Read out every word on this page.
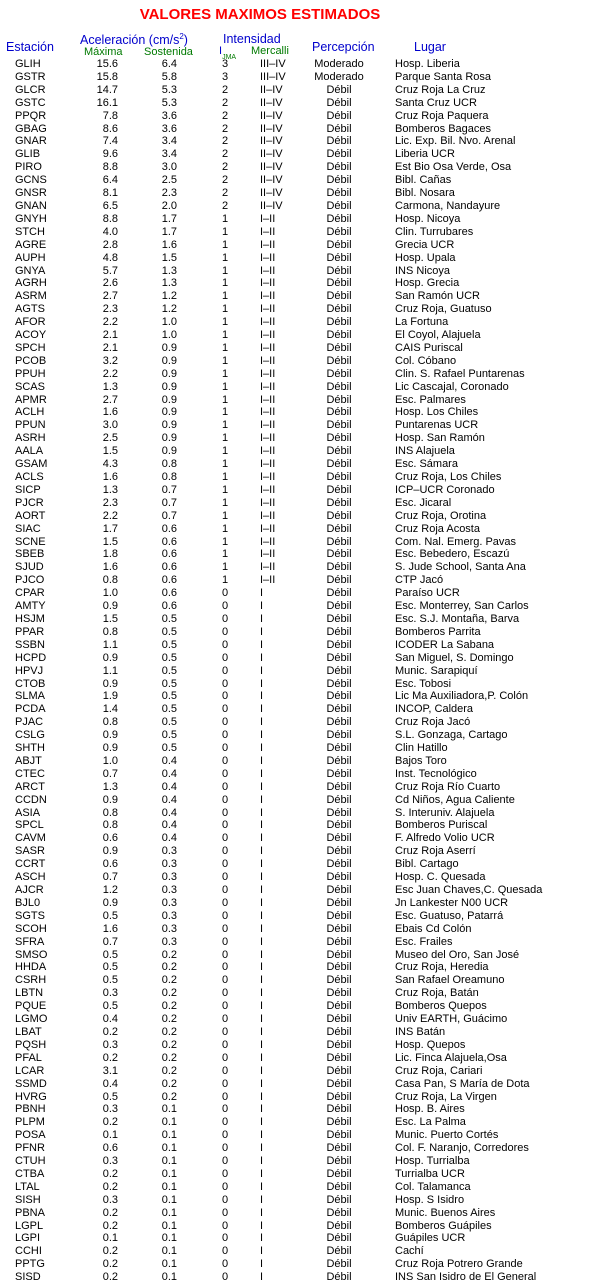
VALORES MAXIMOS ESTIMADOS
Estación Aceleración $(cm/s^2)$
Máxima Sostenida
Intensidad
$I_{JMA}$
Mercalli Percepción	Lugar
GLIH	15.6	6.4	3	III–IV	Moderado	Hosp. Liberia
GSTR	15.8	5.8	3	III–IV	Moderado	Parque Santa Rosa
GLCR	14.7	5.3	2	II–IV	Débil	Cruz Roja La Cruz
GSTC	16.1	5.3	2	II–IV	Débil	Santa Cruz UCR
PPQR	7.8	3.6	2	II–IV	Débil	Cruz Roja Paquera
GBAG	8.6	3.6	2	II–IV	Débil	Bomberos Bagaces
GNAR	7.4	3.4	2	II–IV	Débil	Lic. Exp. Bil. Nvo. Arenal
GLIB	9.6	3.4	2	II–IV	Débil	Liberia UCR
PIRO	8.8	3.0	2	II–IV	Débil	Est Bio Osa Verde, Osa
GCNS	6.4	2.5	2	II–IV	Débil	Bibl. Cañas
GNSR	8.1	2.3	2	II–IV	Débil	Bibl. Nosara
GNAN	6.5	2.0	2	II–IV	Débil	Carmona, Nandayure
GNYH	8.8	1.7	1	I–II	Débil	Hosp. Nicoya
STCH	4.0	1.7	1	I–II	Débil	Clin. Turrubares
AGRE	2.8	1.6	1	I–II	Débil	Grecia UCR
AUPH	4.8	1.5	1	I–II	Débil	Hosp. Upala
GNYA	5.7	1.3	1	I–II	Débil	INS Nicoya
AGRH	2.6	1.3	1	I–II	Débil	Hosp. Grecia
ASRM	2.7	1.2	1	I–II	Débil	San Ramón UCR
AGTS	2.3	1.2	1	I–II	Débil	Cruz Roja, Guatuso
AFOR	2.2	1.0	1	I–II	Débil	La Fortuna
ACOY	2.1	1.0	1	I–II	Débil	El Coyol, Alajuela
SPCH	2.1	0.9	1	I–II	Débil	CAIS Puriscal
PCOB	3.2	0.9	1	I–II	Débil	Col. Cóbano
PPUH	2.2	0.9	1	I–II	Débil	Clin. S. Rafael Puntarenas
SCAS	1.3	0.9	1	I–II	Débil	Lic Cascajal, Coronado
APMR	2.7	0.9	1	I–II	Débil	Esc. Palmares
ACLH	1.6	0.9	1	I–II	Débil	Hosp. Los Chiles
PPUN	3.0	0.9	1	I–II	Débil	Puntarenas UCR
ASRH	2.5	0.9	1	I–II	Débil	Hosp. San Ramón
AALA	1.5	0.9	1	I–II	Débil	INS Alajuela
GSAM	4.3	0.8	1	I–II	Débil	Esc. Sámara
ACLS	1.6	0.8	1	I–II	Débil	Cruz Roja, Los Chiles
SICP	1.3	0.7	1	I–II	Débil	ICP–UCR Coronado
PJCR	2.3	0.7	1	I–II	Débil	Esc. Jicaral
AORT	2.2	0.7	1	I–II	Débil	Cruz Roja, Orotina
SIAC	1.7	0.6	1	I–II	Débil	Cruz Roja Acosta
SCNE	1.5	0.6	1	I–II	Débil	Com. Nal. Emerg. Pavas
SBEB	1.8	0.6	1	I–II	Débil	Esc. Bebedero, Escazú
SJUD	1.6	0.6	1	I–II	Débil	S. Jude School, Santa Ana
PJCO	0.8	0.6	1	I–II	Débil	CTP Jacó
CPAR	1.0	0.6	0	I	Débil	Paraíso UCR
AMTY	0.9	0.6	0	I	Débil	Esc. Monterrey, San Carlos
HSJM	1.5	0.5	0	I	Débil	Esc. S.J. Montaña, Barva
PPAR	0.8	0.5	0	I	Débil	Bomberos Parrita
SSBN	1.1	0.5	0	I	Débil	ICODER La Sabana
HCPD	0.9	0.5	0	I	Débil	San Miguel, S. Domingo
HPVJ	1.1	0.5	0	I	Débil	Munic. Sarapiquí
CTOB	0.9	0.5	0	I	Débil	Esc. Tobosi
SLMA	1.9	0.5	0	I	Débil	Lic Ma Auxiliadora,P. Colón
PCDA	1.4	0.5	0	I	Débil	INCOP, Caldera
PJAC	0.8	0.5	0	I	Débil	Cruz Roja Jacó
CSLG	0.9	0.5	0	I	Débil	S.L. Gonzaga, Cartago
SHTH	0.9	0.5	0	I	Débil	Clin Hatillo
ABJT	1.0	0.4	0	I	Débil	Bajos Toro
CTEC	0.7	0.4	0	I	Débil	Inst. Tecnológico
ARCT	1.3	0.4	0	I	Débil	Cruz Roja Río Cuarto
CCDN	0.9	0.4	0	I	Débil	Cd Niños, Agua Caliente
ASIA	0.8	0.4	0	I	Débil	S. Interuniv. Alajuela
SPCL	0.8	0.4	0	I	Débil	Bomberos Puriscal
CAVM	0.6	0.4	0	I	Débil	F. Alfredo Volio UCR
SASR	0.9	0.3	0	I	Débil	Cruz Roja Aserrí
CCRT	0.6	0.3	0	I	Débil	Bibl. Cartago
ASCH	0.7	0.3	0	I	Débil	Hosp. C. Quesada
AJCR	1.2	0.3	0	I	Débil	Esc Juan Chaves,C. Quesada
BJL0	0.9	0.3	0	I	Débil	Jn Lankester N00 UCR
SGTS	0.5	0.3	0	I	Débil	Esc. Guatuso, Patarrá
SCOH	1.6	0.3	0	I	Débil	Ebais Cd Colón
SFRA	0.7	0.3	0	I	Débil	Esc. Frailes
SMSO	0.5	0.2	0	I	Débil	Museo del Oro, San José
HHDA	0.5	0.2	0	I	Débil	Cruz Roja, Heredia
CSRH	0.5	0.2	0	I	Débil	San Rafael Oreamuno
LBTN	0.3	0.2	0	I	Débil	Cruz Roja, Batán
PQUE	0.5	0.2	0	I	Débil	Bomberos Quepos
LGMO	0.4	0.2	0	I	Débil	Univ EARTH, Guácimo
LBAT	0.2	0.2	0	I	Débil	INS Batán
PQSH	0.3	0.2	0	I	Débil	Hosp. Quepos
PFAL	0.2	0.2	0	I	Débil	Lic. Finca Alajuela,Osa
LCAR	3.1	0.2	0	I	Débil	Cruz Roja, Cariari
SSMD	0.4	0.2	0	I	Débil	Casa Pan, S María de Dota
HVRG	0.5	0.2	0	I	Débil	Cruz Roja, La Virgen
PBNH	0.3	0.1	0	I	Débil	Hosp. B. Aires
PLPM	0.2	0.1	0	I	Débil	Esc. La Palma
POSA	0.1	0.1	0	I	Débil	Munic. Puerto Cortés
PFNR	0.6	0.1	0	I	Débil	Col. F. Naranjo, Corredores
CTUH	0.3	0.1	0	I	Débil	Hosp. Turrialba
CTBA	0.2	0.1	0	I	Débil	Turrialba UCR
LTAL	0.2	0.1	0	I	Débil	Col. Talamanca
SISH	0.3	0.1	0	I	Débil	Hosp. S Isidro
PBNA	0.2	0.1	0	I	Débil	Munic. Buenos Aires
LGPL	0.2	0.1	0	I	Débil	Bomberos Guápiles
LGPI	0.1	0.1	0	I	Débil	Guápiles UCR
CCHI	0.2	0.1	0	I	Débil	Cachí
PPTG	0.2	0.1	0	I	Débil	Cruz Roja Potrero Grande
SISD	0.2	0.1	0	I	Débil	INS San Isidro de El General
